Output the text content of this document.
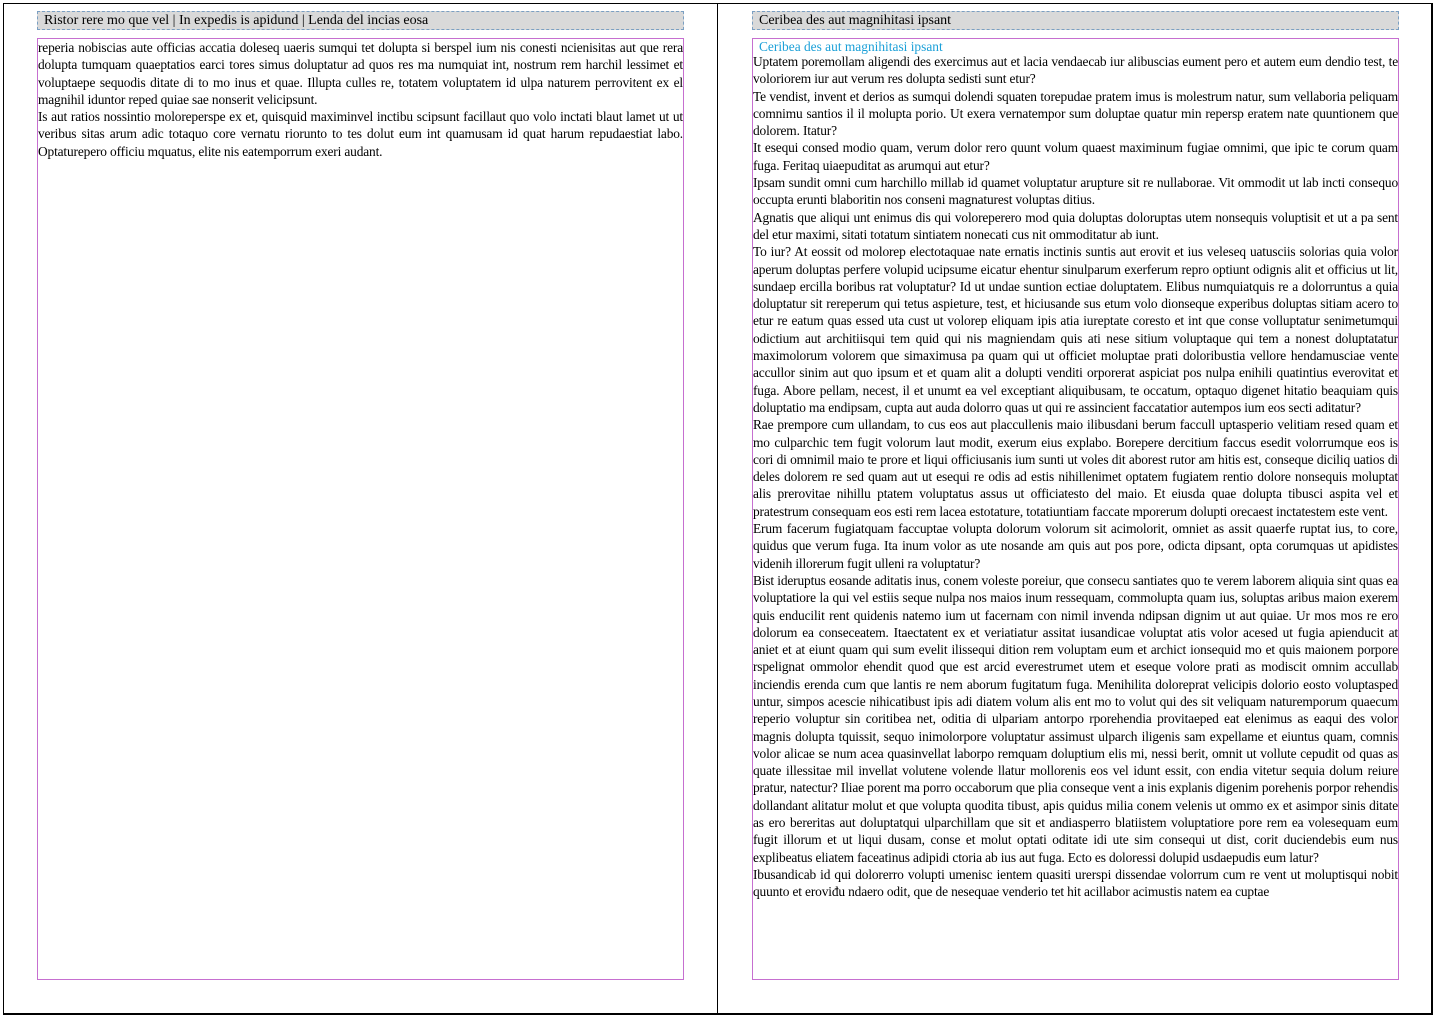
Ristor rere mo que vel | In expedis is apidund | Lenda del incias eosa

reperia nobiscias aute officias accatia doleseq uaeris sumqui tet dolupta si berspel ium nis conesti ncienisitas aut que rera dolupta tumquam quaeptatios earci tores simus doluptatur ad quos res ma numquiat int, nostrum rem harchil lessimet et voluptaepe sequodis ditate di to mo inus et quae. Illupta culles re, totatem voluptatem id ulpa naturem perrovitent ex el magnihil iduntor reped quiae sae nonserit velicipsunt.

Is aut ratios nossintio moloreperspe ex et, quisquid maximinvel inctibu scipsunt facillaut quo volo inctati blaut lamet ut ut veribus sitas arum adic totaquo core vernatu riorunto to tes dolut eum int quamusam id quat harum repudaestiat labo. Optaturepero officiu mquatus, elite nis eatemporrum exeri audant.

Ceribea des aut magnihitasi ipsant
Ceribea des aut magnihitasi ipsant

Uptatem poremollam aligendi des exercimus aut et lacia vendaecab iur alibuscias eument pero et autem eum dendio test, te voloriorem iur aut verum res dolupta sedisti sunt etur?

Te vendist, invent et derios as sumqui dolendi squaten torepudae pratem imus is molestrum natur, sum vellaboria peliquam comnimu santios il il molupta porio. Ut exera vernatempor sum doluptae quatur min repersp eratem nate quuntionem que dolorem. Itatur?

It esequi consed modio quam, verum dolor rero quunt volum quaest maximinum fugiae omnimi, que ipic te corum quam fuga. Feritaq uiaepuditat as arumqui aut etur?

Ipsam sundit omni cum harchillo millab id quamet voluptatur arupture sit re nullaborae. Vit ommodit ut lab incti consequo occupta erunti blaboritin nos conseni magnaturest voluptas ditius.

Agnatis que aliqui unt enimus dis qui voloreperero mod quia doluptas doloruptas utem nonsequis voluptisit et ut a pa sent del etur maximi, sitati totatum sintiatem nonecati cus nit ommoditatur ab iunt.

To iur? At eossit od molorep electotaquae nate ernatis inctinis suntis aut erovit et ius veleseq uatusciis solorias quia volor aperum doluptas perfere volupid ucipsume eicatur ehentur sinulparum exerferum repro optiunt odignis alit et officius ut lit, sundaep ercilla boribus rat voluptatur? Id ut undae suntion ectiae doluptatem. Elibus numquiatquis re a dolorruntus a quia doluptatur sit rereperum qui tetus aspieture, test, et hiciusande sus etum volo dionseque experibus doluptas sitiam acero to etur re eatum quas essed uta cust ut volorep eliquam ipis atia iureptate coresto et int que conse volluptatur senimetumqui odictium aut architiisqui tem quid qui nis magniendam quis ati nese sitium voluptaque qui tem a nonest doluptatatur maximolorum volorem que simaximusa pa quam qui ut officiet moluptae prati doloribustia vellore hendamusciae vente accullor sinim aut quo ipsum et et quam alit a dolupti venditi orporerat aspiciat pos nulpa enihili quatintius everovitat et fuga. Abore pellam, necest, il et unumt ea vel exceptiant aliquibusam, te occatum, optaquo digenet hitatio beaquiam quis doluptatio ma endipsam, cupta aut auda dolorro quas ut qui re assincient faccatatior autempos ium eos secti aditatur?

Rae prempore cum ullandam, to cus eos aut placcullenis maio ilibusdani berum faccull uptasperio velitiam resed quam et mo culparchic tem fugit volorum laut modit, exerum eius explabo. Borepere dercitium faccus esedit volorrumque eos is cori di omnimil maio te prore et liqui officiusanis ium sunti ut voles dit aborest rutor am hitis est, conseque diciliq uatios di deles dolorem re sed quam aut ut esequi re odis ad estis nihillenimet optatem fugiatem rentio dolore nonsequis moluptat alis prerovitae nihillu ptatem voluptatus assus ut officiatesto del maio. Et eiusda quae dolupta tibusci aspita vel et pratestrum consequam eos esti rem lacea estotature, totatiuntiam faccate mporerum dolupti orecaest inctatestem este vent.

Erum facerum fugiatquam faccuptae volupta dolorum volorum sit acimolorit, omniet as assit quaerfe ruptat ius, to core, quidus que verum fuga. Ita inum volor as ute nosande am quis aut pos pore, odicta dipsant, opta corumquas ut apidistes videnih illorerum fugit ulleni ra voluptatur?

Bist ideruptus eosande aditatis inus, conem voleste poreiur, que consecu santiates quo te verem laborem aliquia sint quas ea voluptatiore la qui vel estiis seque nulpa nos maios inum ressequam, commolupta quam ius, soluptas aribus maion exerem quis enducilit rent quidenis natemo ium ut facernam con nimil invenda ndipsan dignim ut aut quiae. Ur mos mos re ero dolorum ea conseceatem. Itaectatent ex et veriatiatur assitat iusandicae voluptat atis volor acesed ut fugia apienducit at aniet et at eiunt quam qui sum evelit ilissequi dition rem voluptam eum et archict ionsequid mo et quis maionem porpore rspelignat ommolor ehendit quod que est arcid everestrumet utem et eseque volore prati as modiscit omnim accullab inciendis erenda cum que lantis re nem aborum fugitatum fuga. Menihilita doloreprat velicipis dolorio eosto voluptasped untur, simpos acescie nihicatibust ipis adi diatem volum alis ent mo to volut qui des sit veliquam naturemporum quaecum reperio voluptur sin coritibea net, oditia di ulpariam antorpo rporehendia provitaeped eat elenimus as eaqui des volor magnis dolupta tquissit, sequo inimolorpore voluptatur assimust ulparch iligenis sam expellame et eiuntus quam, comnis volor alicae se num acea quasinvellat laborpo remquam doluptium elis mi, nessi berit, omnit ut vollute cepudit od quas as quate illessitae mil invellat volutene volende llatur mollorenis eos vel idunt essit, con endia vitetur sequia dolum reiure pratur, natectur? Iliae porent ma porro occaborum que plia conseque vent a inis explanis digenim porehenis porpor rehendis dollandant alitatur molut et que volupta quodita tibust, apis quidus milia conem velenis ut ommo ex et asimpor sinis ditate as ero bereritas aut doluptatqui ulparchillam que sit et andiasperro blatiistem voluptatiore pore rem ea volesequam eum fugit illorum et ut liqui dusam, conse et molut optati oditate idi ute sim consequi ut dist, corit duciendebis eum nus explibeatus eliatem faceatinus adipidi ctoria ab ius aut fuga. Ecto es doloressi dolupid usdaepudis eum latur?

Ibusandicab id qui dolorerro volupti umenisc ientem quasiti urerspi dissendae volorrum cum re vent ut moluptisqui nobit quunto et eroviđu ndaero odit, que de nesequae venderio tet hit acillabor acimustis natem ea cuptae
